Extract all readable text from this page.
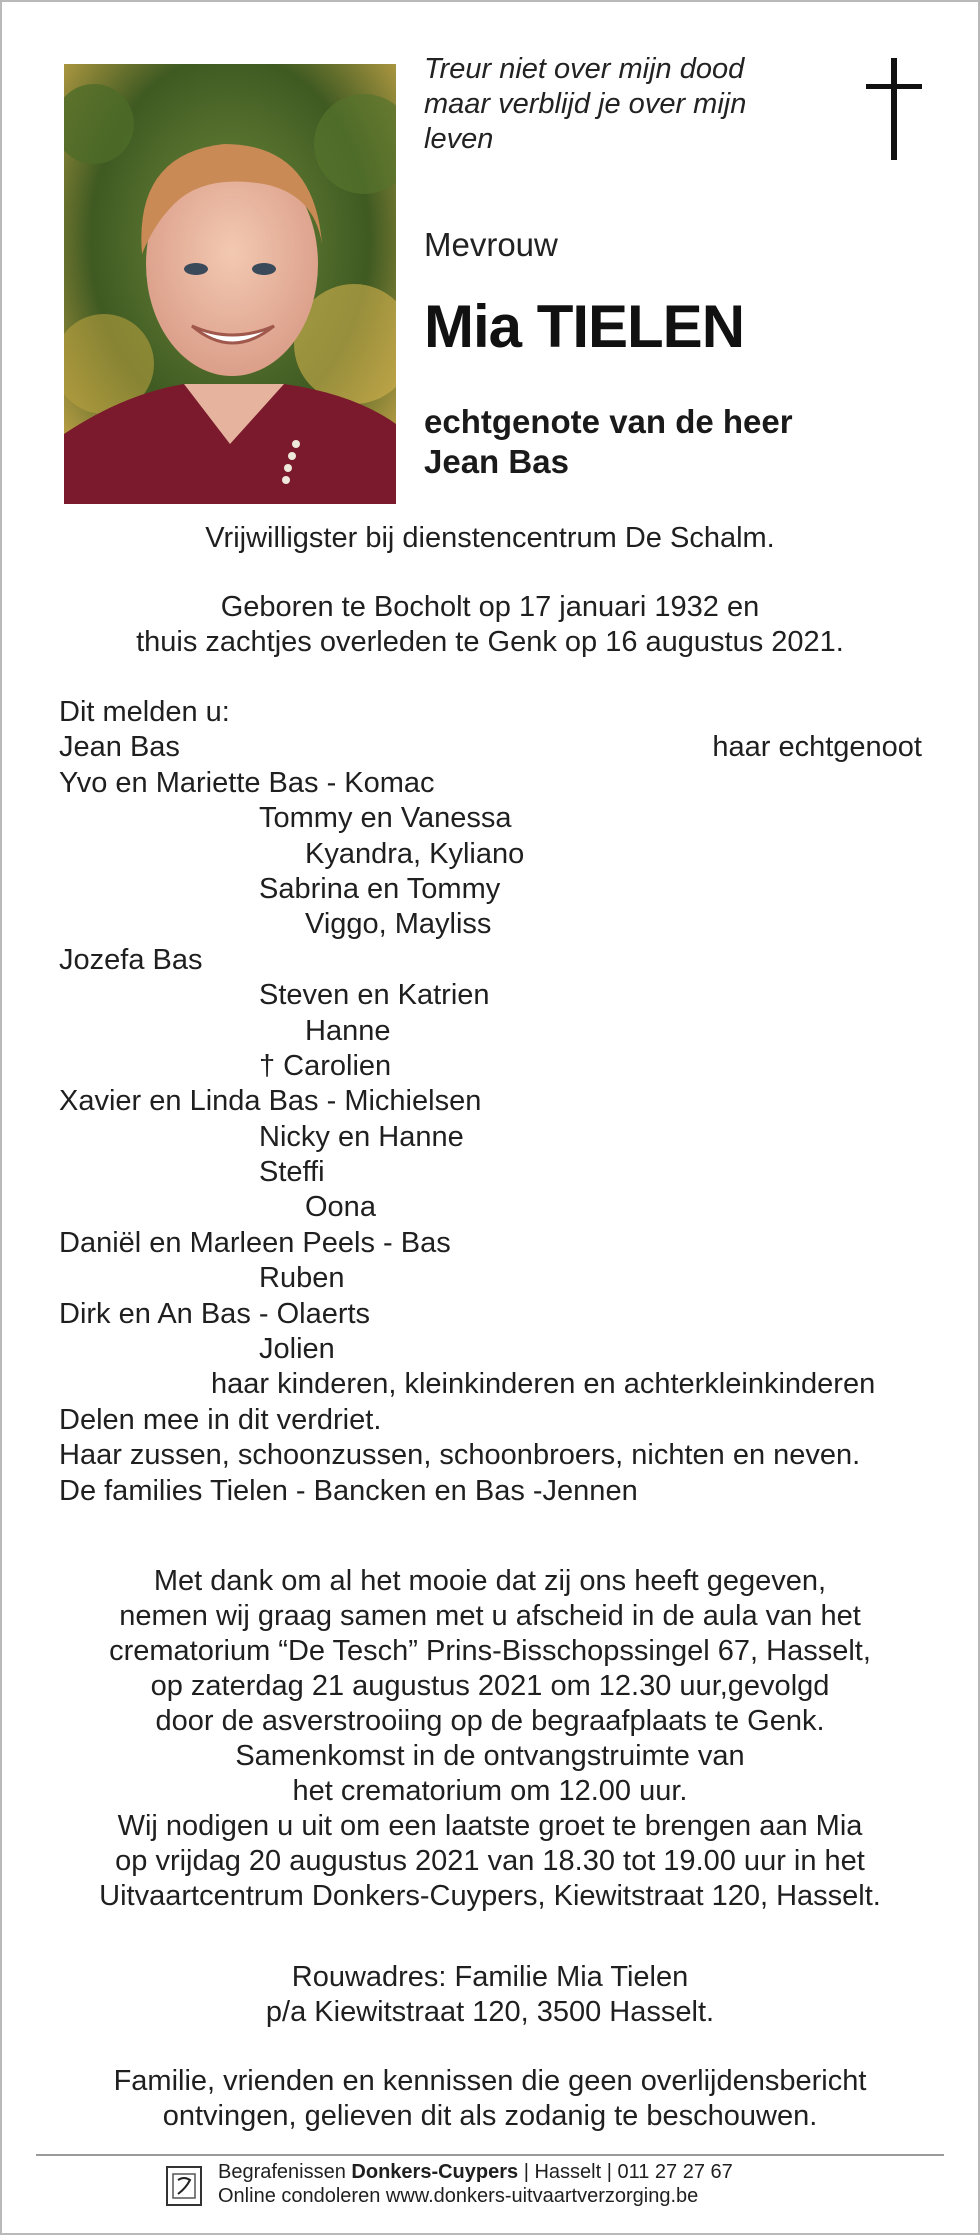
Treur niet over mijn dood
maar verblijd je over mijn
leven
Mevrouw
Mia TIELEN
echtgenote van de heer
Jean Bas
Vrijwilligster bij dienstencentrum De Schalm.
Geboren te Bocholt op 17 januari 1932 en
thuis zachtjes overleden te Genk op 16 augustus 2021.
Dit melden u:
Jean Bas	haar echtgenoot
Yvo en Mariette Bas - Komac
Tommy en Vanessa
Kyandra, Kyliano
Sabrina en Tommy
Viggo, Mayliss
Jozefa Bas
Steven en Katrien
Hanne
† Carolien
Xavier en Linda Bas - Michielsen
Nicky en Hanne
Steffi
Oona
Daniël en Marleen Peels - Bas
Ruben
Dirk en An Bas - Olaerts
Jolien
haar kinderen, kleinkinderen en achterkleinkinderen
Delen mee in dit verdriet.
Haar zussen, schoonzussen, schoonbroers, nichten en neven.
De families Tielen - Bancken en Bas -Jennen
Met dank om al het mooie dat zij ons heeft gegeven,
nemen wij graag samen met u afscheid in de aula van het
crematorium “De Tesch” Prins-Bisschopssingel 67, Hasselt,
op zaterdag 21 augustus 2021 om 12.30 uur,gevolgd
door de asverstrooiing op de begraafplaats te Genk.
Samenkomst in de ontvangstruimte van
het crematorium om 12.00 uur.
Wij nodigen u uit om een laatste groet te brengen aan Mia
op vrijdag 20 augustus 2021 van 18.30 tot 19.00 uur in het
Uitvaartcentrum Donkers-Cuypers, Kiewitstraat 120, Hasselt.
Rouwadres: Familie Mia Tielen
p/a Kiewitstraat 120, 3500 Hasselt.
Familie, vrienden en kennissen die geen overlijdensbericht
ontvingen, gelieven dit als zodanig te beschouwen.
Begrafenissen Donkers-Cuypers | Hasselt | 011 27 27 67
Online condoleren www.donkers-uitvaartverzorging.be
